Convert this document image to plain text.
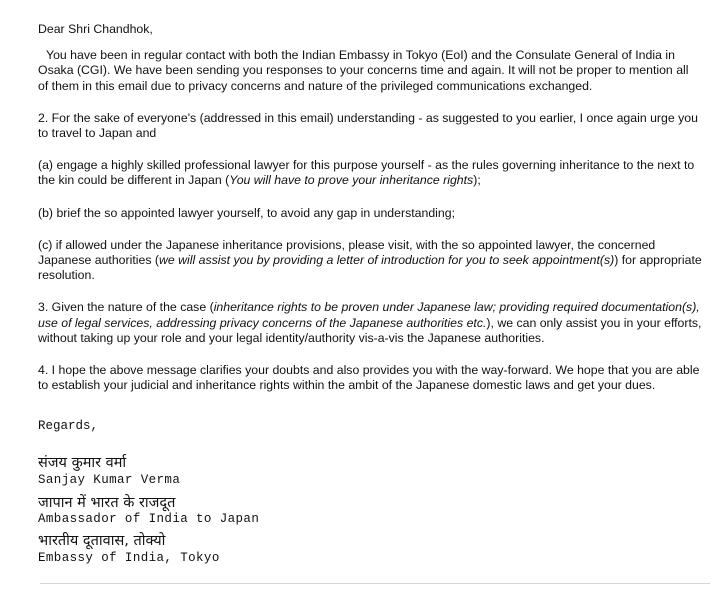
Dear Shri Chandhok,

You have been in regular contact with both the Indian Embassy in Tokyo (EoI) and the Consulate General of India in Osaka (CGI). We have been sending you responses to your concerns time and again. It will not be proper to mention all of them in this email due to privacy concerns and nature of the privileged communications exchanged.

2. For the sake of everyone's (addressed in this email) understanding - as suggested to you earlier, I once again urge you to travel to Japan and

(a) engage a highly skilled professional lawyer for this purpose yourself - as the rules governing inheritance to the next to the kin could be different in Japan (You will have to prove your inheritance rights);

(b) brief the so appointed lawyer yourself, to avoid any gap in understanding;

(c) if allowed under the Japanese inheritance provisions, please visit, with the so appointed lawyer, the concerned Japanese authorities (we will assist you by providing a letter of introduction for you to seek appointment(s)) for appropriate resolution.

3. Given the nature of the case (inheritance rights to be proven under Japanese law; providing required documentation(s), use of legal services, addressing privacy concerns of the Japanese authorities etc.), we can only assist you in your efforts, without taking up your role and your legal identity/authority vis-a-vis the Japanese authorities.

4. I hope the above message clarifies your doubts and also provides you with the way-forward. We hope that you are able to establish your judicial and inheritance rights within the ambit of the Japanese domestic laws and get your dues.

Regards,
संजय कुमार वर्मा
Sanjay Kumar Verma
जापान में भारत के राजदूत
Ambassador of India to Japan
भारतीय दूतावास, तोक्यो
Embassy of India, Tokyo
